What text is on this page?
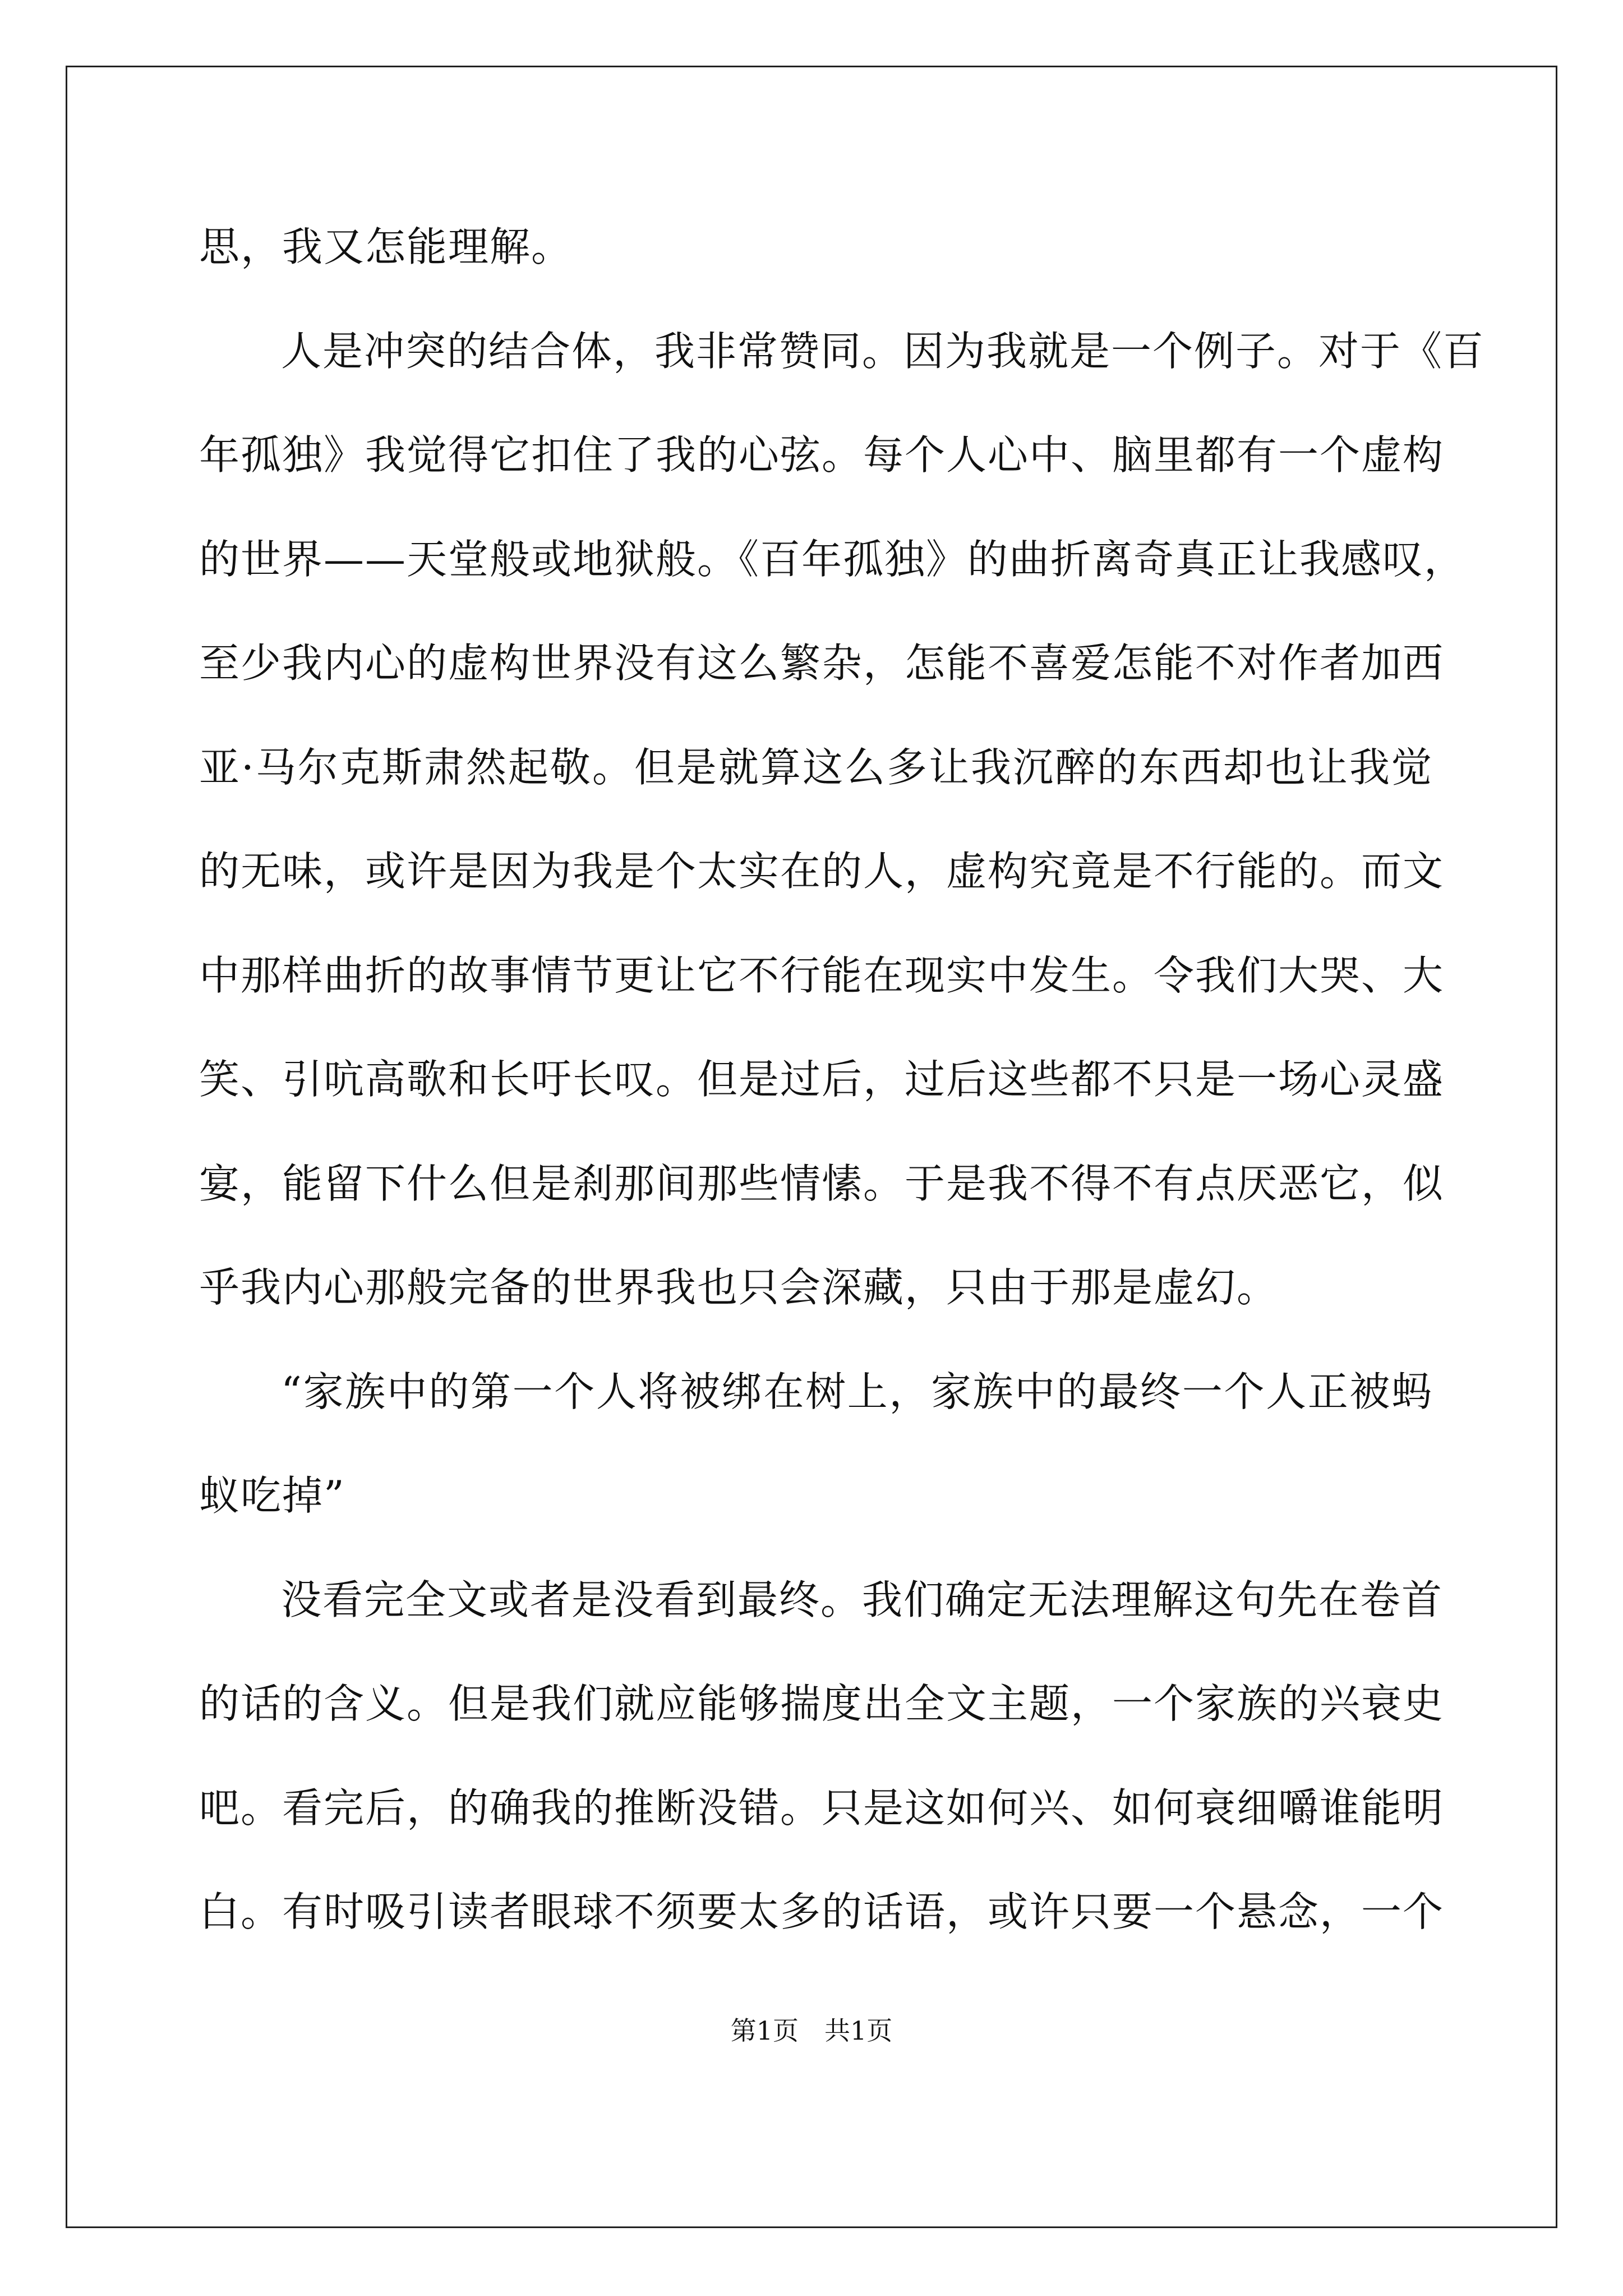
思，我又怎能理解。
人是冲突的结合体，我非常赞同。因为我就是一个例子。对于《百
年孤独》我觉得它扣住了我的心弦。每个人心中、脑里都有一个虚构
的世界——天堂般或地狱般。《百年孤独》的曲折离奇真正让我感叹，
至少我内心的虚构世界没有这么繁杂，怎能不喜爱怎能不对作者加西
亚·马尔克斯肃然起敬。但是就算这么多让我沉醉的东西却也让我觉
的无味，或许是因为我是个太实在的人，虚构究竟是不行能的。而文
中那样曲折的故事情节更让它不行能在现实中发生。令我们大哭、大
笑、引吭高歌和长吁长叹。但是过后，过后这些都不只是一场心灵盛
宴，能留下什么但是刹那间那些情愫。于是我不得不有点厌恶它，似
乎我内心那般完备的世界我也只会深藏，只由于那是虚幻。
“家族中的第一个人将被绑在树上，家族中的最终一个人正被蚂
蚁吃掉”
没看完全文或者是没看到最终。我们确定无法理解这句先在卷首
的话的含义。但是我们就应能够揣度出全文主题，一个家族的兴衰史
吧。看完后，的确我的推断没错。只是这如何兴、如何衰细嚼谁能明
白。有时吸引读者眼球不须要太多的话语，或许只要一个悬念，一个
第1页　共1页
